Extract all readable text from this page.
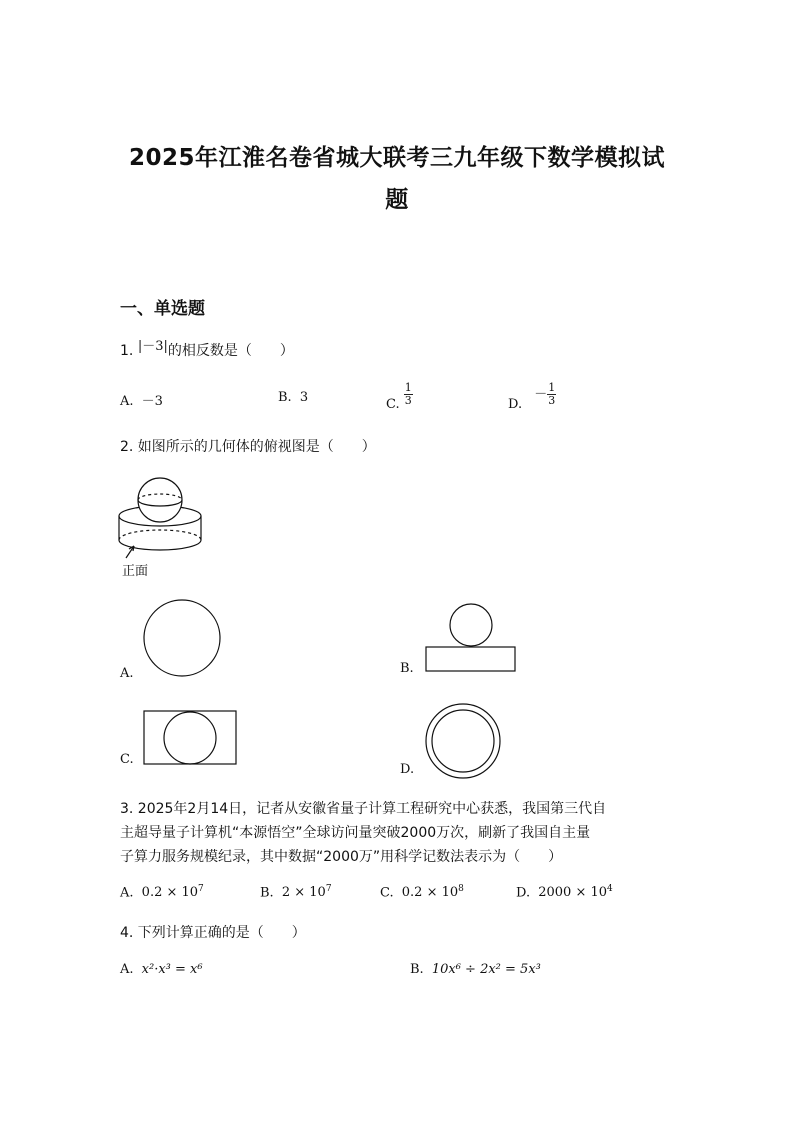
2025年江淮名卷省城大联考三九年级下数学模拟试
题
一、单选题
1. |－3|的相反数是（　　）
A. －3	B. 3	C. $\frac{1}{3}$	D. － $\frac{1}{3}$
2. 如图所示的几何体的俯视图是（　　）
正面
A.	B.
C.
D.
3. 2025年2月14日，记者从安徽省量子计算工程研究中心获悉，我国第三代自
主超导量子计算机“本源悟空”全球访问量突破2000万次，刷新了我国自主量
子算力服务规模纪录，其中数据“2000万”用科学记数法表示为（　　）
A. $0.2 \times 10^7$	B. $2 \times 10^7$	C. $0.2 \times 10^8$	D. $2000 \times 10^4$
4. 下列计算正确的是（　　）
A. x²·x³ = x⁶	B. 10x⁶ ÷ 2x² = 5x³
